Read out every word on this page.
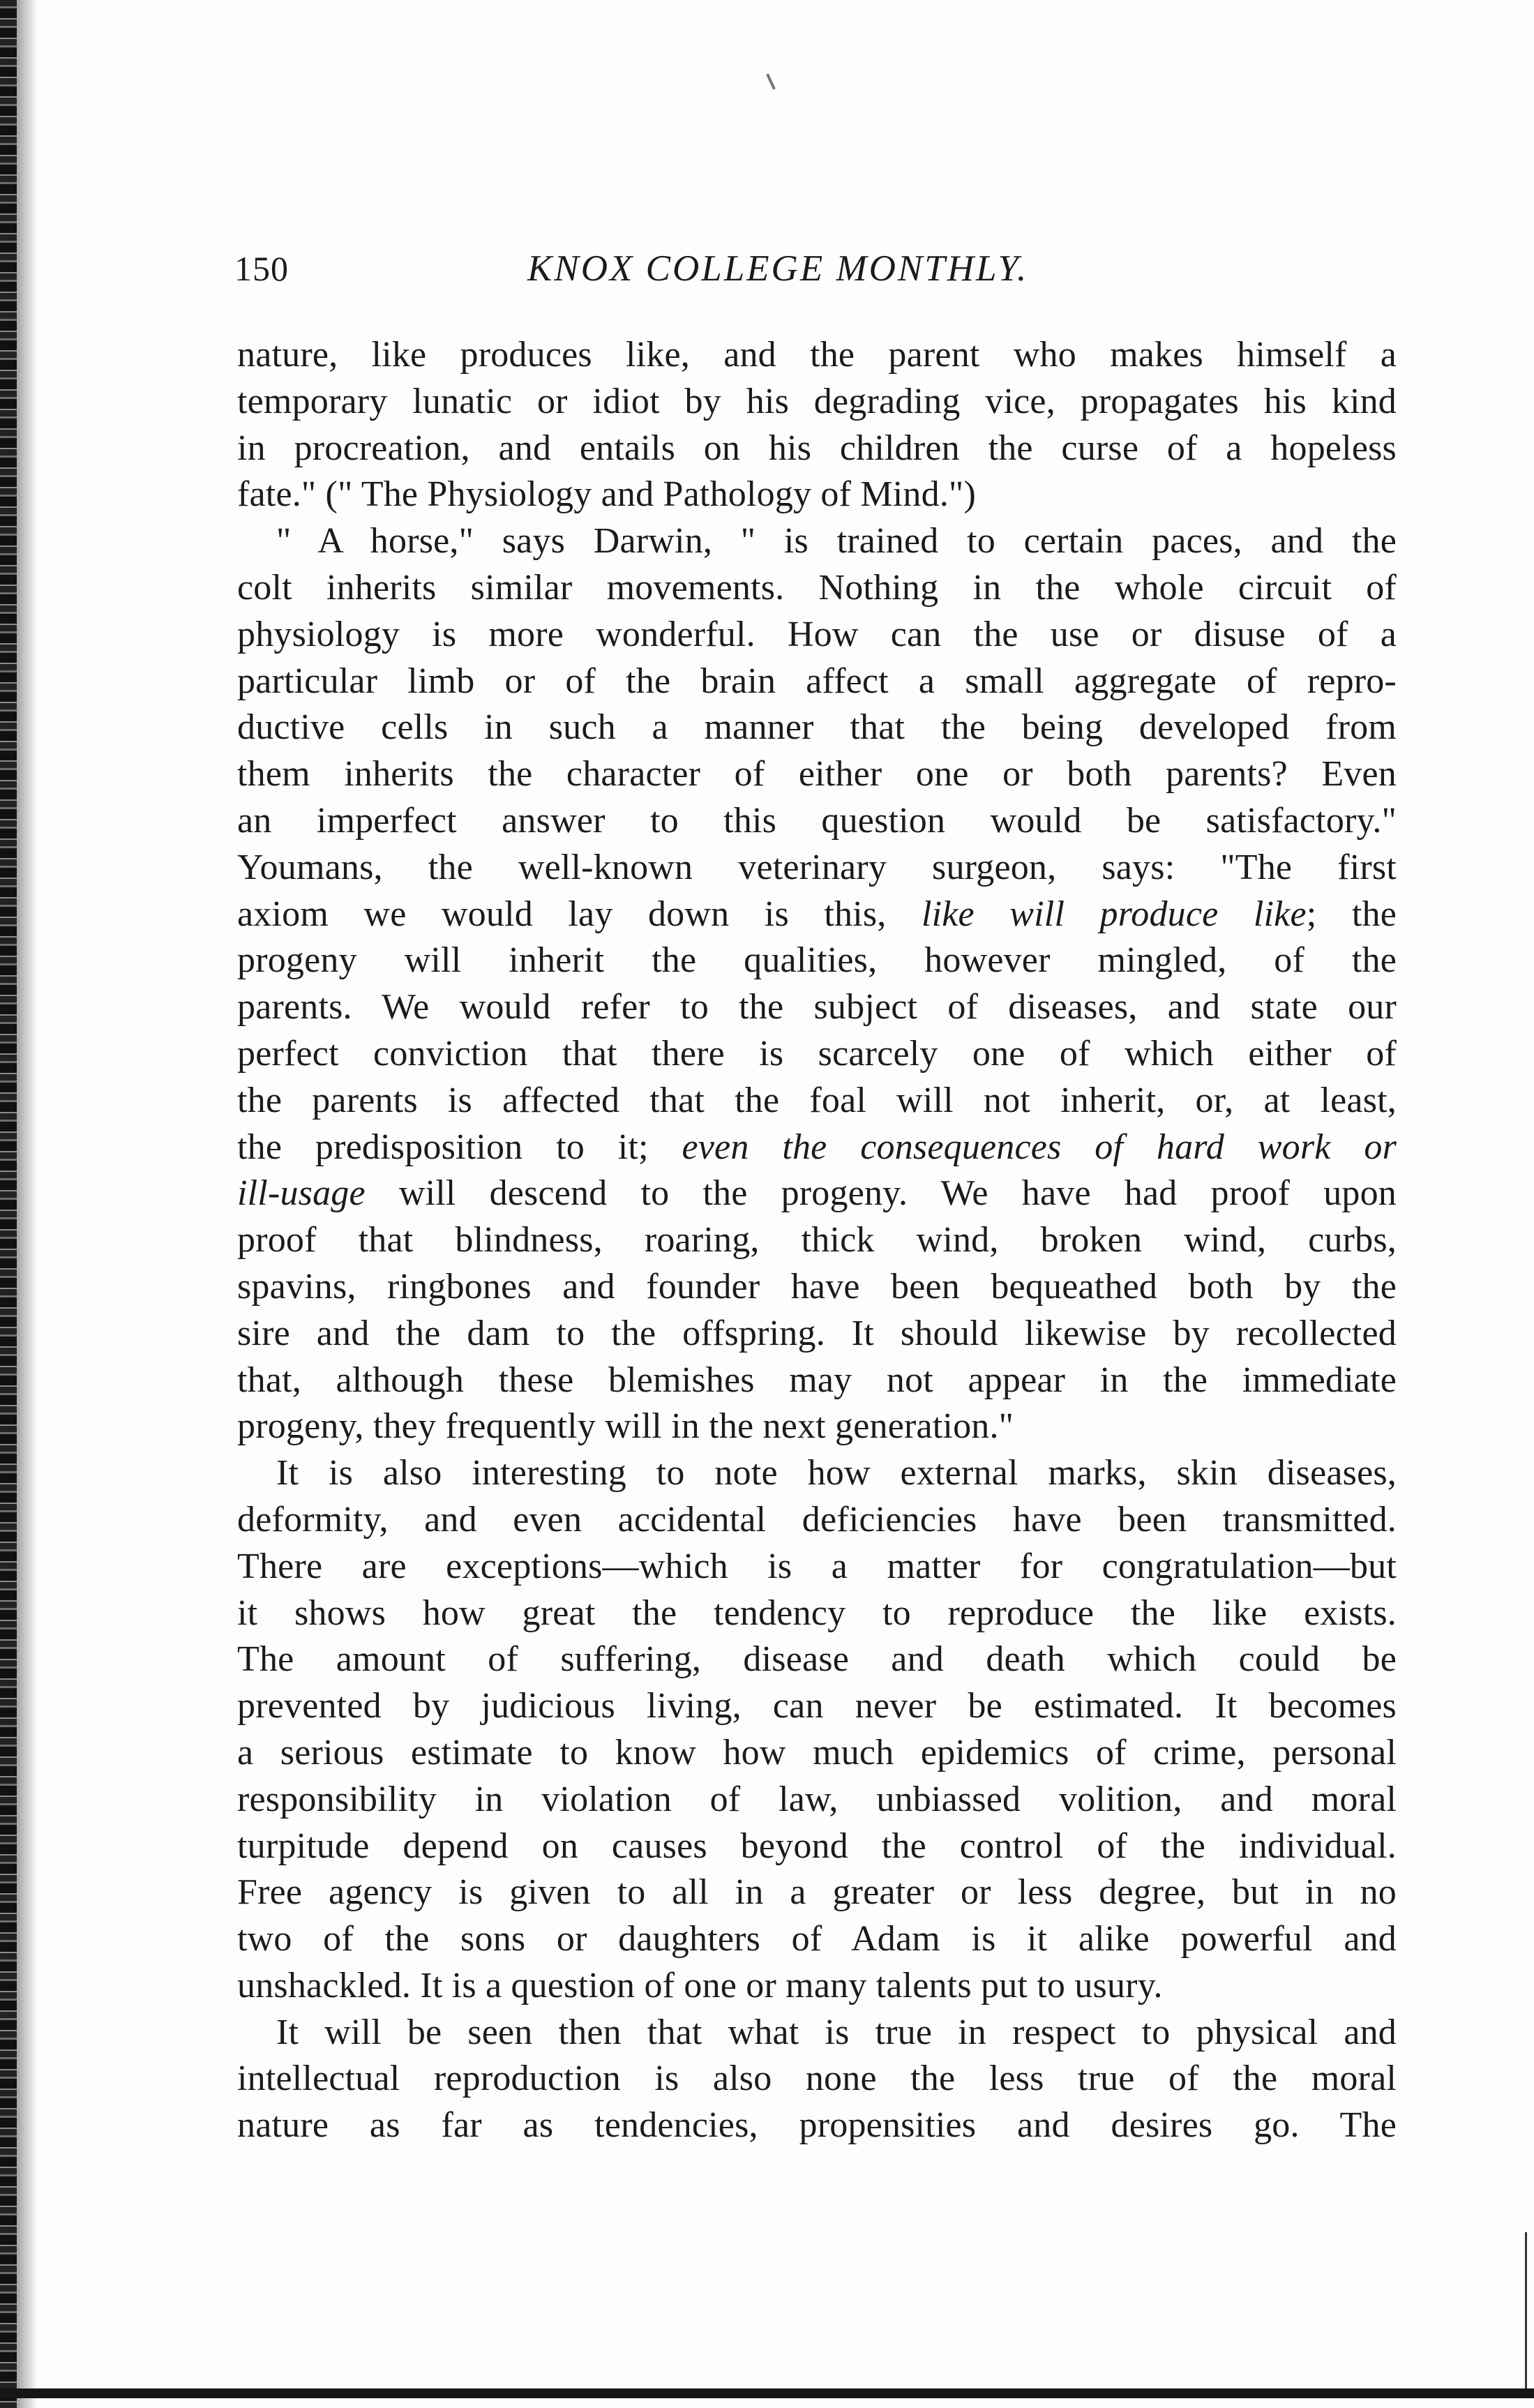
150	KNOX COLLEGE MONTHLY.
nature, like produces like, and the parent who makes himself a
temporary lunatic or idiot by his degrading vice, propagates his kind
in procreation, and entails on his children the curse of a hopeless
fate." (" The Physiology and Pathology of Mind.")
" A horse," says Darwin, " is trained to certain paces, and the
colt inherits similar movements. Nothing in the whole circuit of
physiology is more wonderful. How can the use or disuse of a
particular limb or of the brain affect a small aggregate of repro-
ductive cells in such a manner that the being developed from
them inherits the character of either one or both parents? Even
an imperfect answer to this question would be satisfactory."
Youmans, the well-known veterinary surgeon, says: "The first
axiom we would lay down is this, like will produce like; the
progeny will inherit the qualities, however mingled, of the
parents. We would refer to the subject of diseases, and state our
perfect conviction that there is scarcely one of which either of
the parents is affected that the foal will not inherit, or, at least,
the predisposition to it; even the consequences of hard work or
ill-usage will descend to the progeny. We have had proof upon
proof that blindness, roaring, thick wind, broken wind, curbs,
spavins, ringbones and founder have been bequeathed both by the
sire and the dam to the offspring. It should likewise by recollected
that, although these blemishes may not appear in the immediate
progeny, they frequently will in the next generation."
It is also interesting to note how external marks, skin diseases,
deformity, and even accidental deficiencies have been transmitted.
There are exceptions—which is a matter for congratulation—but
it shows how great the tendency to reproduce the like exists.
The amount of suffering, disease and death which could be
prevented by judicious living, can never be estimated. It becomes
a serious estimate to know how much epidemics of crime, personal
responsibility in violation of law, unbiassed volition, and moral
turpitude depend on causes beyond the control of the individual.
Free agency is given to all in a greater or less degree, but in no
two of the sons or daughters of Adam is it alike powerful and
unshackled. It is a question of one or many talents put to usury.
It will be seen then that what is true in respect to physical and
intellectual reproduction is also none the less true of the moral
nature as far as tendencies, propensities and desires go. The
